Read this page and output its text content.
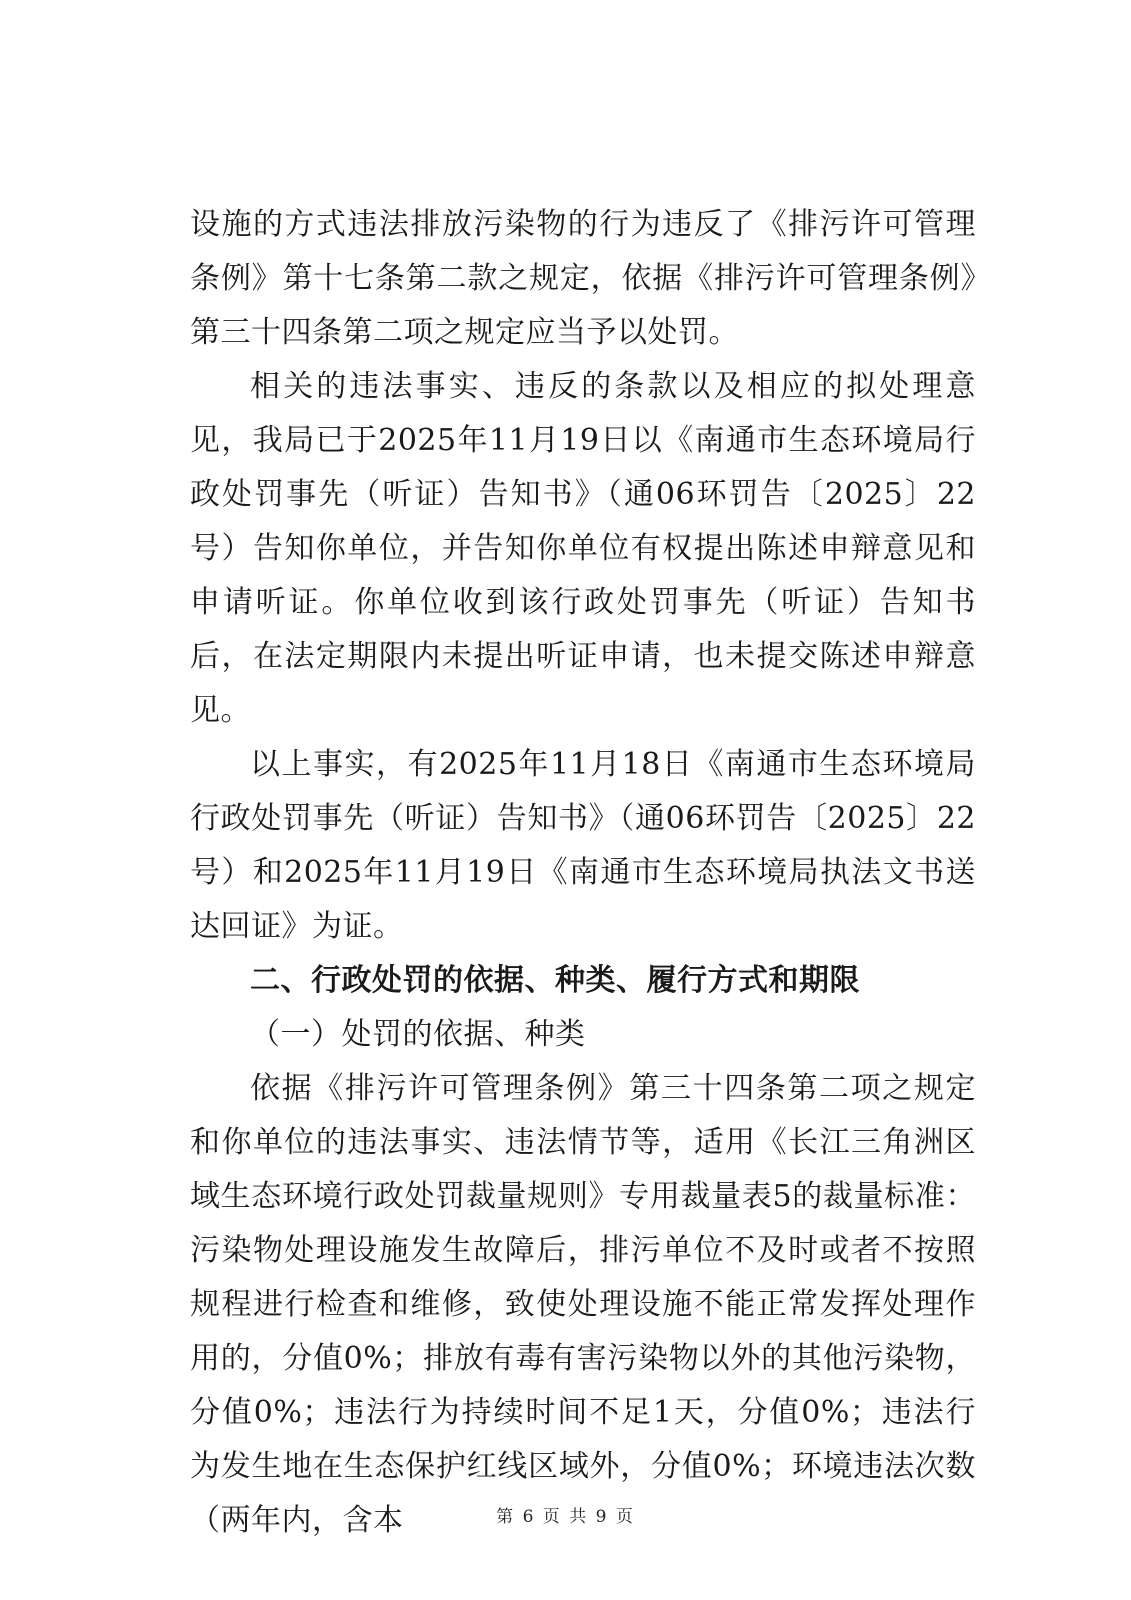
设施的方式违法排放污染物的行为违反了《排污许可管理条例》第十七条第二款之规定，依据《排污许可管理条例》第三十四条第二项之规定应当予以处罚。

相关的违法事实、违反的条款以及相应的拟处理意见，我局已于2025年11月19日以《南通市生态环境局行政处罚事先（听证）告知书》（通06环罚告〔2025〕22号）告知你单位，并告知你单位有权提出陈述申辩意见和申请听证。你单位收到该行政处罚事先（听证）告知书后，在法定期限内未提出听证申请，也未提交陈述申辩意见。

以上事实，有2025年11月18日《南通市生态环境局行政处罚事先（听证）告知书》（通06环罚告〔2025〕22号）和2025年11月19日《南通市生态环境局执法文书送达回证》为证。

二、行政处罚的依据、种类、履行方式和期限

（一）处罚的依据、种类

依据《排污许可管理条例》第三十四条第二项之规定和你单位的违法事实、违法情节等，适用《长江三角洲区域生态环境行政处罚裁量规则》专用裁量表5的裁量标准：污染物处理设施发生故障后，排污单位不及时或者不按照规程进行检查和维修，致使处理设施不能正常发挥处理作用的，分值0%；排放有毒有害污染物以外的其他污染物，分值0%；违法行为持续时间不足1天，分值0%；违法行为发生地在生态保护红线区域外，分值0%；环境违法次数（两年内，含本	第 6 页 共 9 页
